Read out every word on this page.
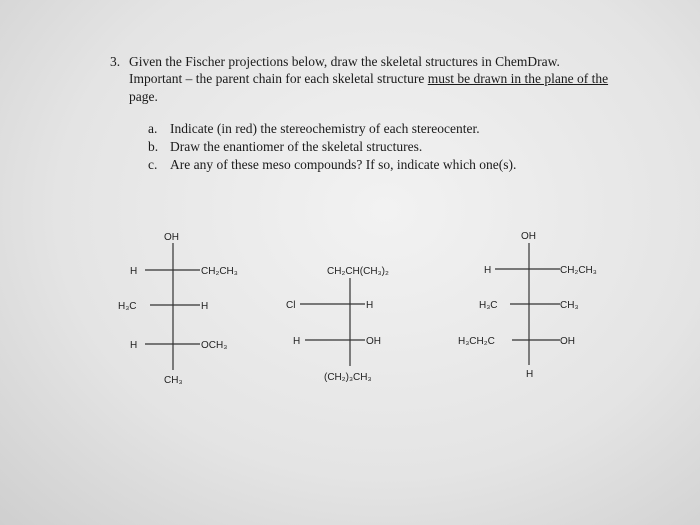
3. Given the Fischer projections below, draw the skeletal structures in ChemDraw.
Important – the parent chain for each skeletal structure must be drawn in the plane of the
page.
a. Indicate (in red) the stereochemistry of each stereocenter.
b. Draw the enantiomer of the skeletal structures.
c. Are any of these meso compounds? If so, indicate which one(s).
OH
H	CH₂CH₃
H₃C	H
H	OCH₃
CH₃
CH₂CH(CH₃)₂
Cl	H
H	OH
(CH₂)₃CH₃
OH
H	CH₂CH₃
H₃C	CH₃
H₃CH₂C	OH
H
